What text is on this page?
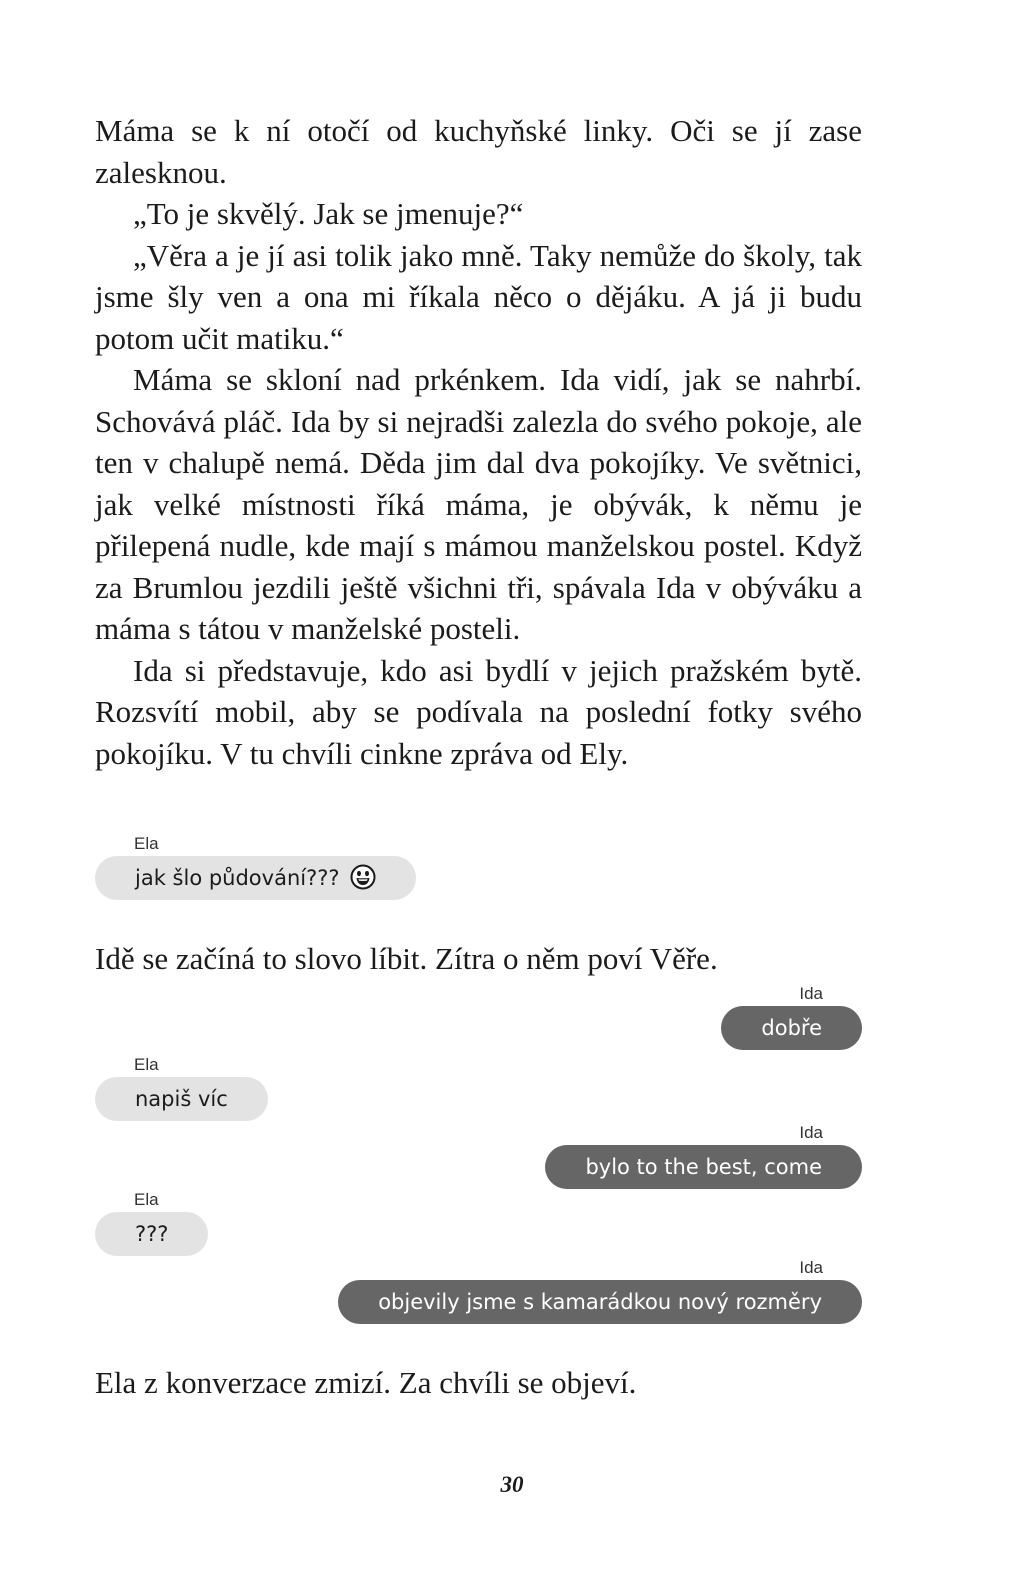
Máma se k ní otočí od kuchyňské linky. Oči se jí zase zalesknou.

„To je skvělý. Jak se jmenuje?“

„Věra a je jí asi tolik jako mně. Taky nemůže do školy, tak jsme šly ven a ona mi říkala něco o dějáku. A já ji budu potom učit matiku.“

Máma se skloní nad prkénkem. Ida vidí, jak se nahrbí. Schovává pláč. Ida by si nejradši zalezla do svého pokoje, ale ten v chalupě nemá. Děda jim dal dva pokojíky. Ve světnici, jak velké místnosti říká máma, je obývák, k němu je přilepená nudle, kde mají s mámou manželskou postel. Když za Brumlou jezdili ještě všichni tři, spávala Ida v obýváku a máma s tátou v manželské posteli.

Ida si představuje, kdo asi bydlí v jejich pražském bytě. Rozsvítí mobil, aby se podívala na poslední fotky svého pokojíku. V tu chvíli cinkne zpráva od Ely.

Ela
jak šlo půdování???

Idě se začíná to slovo líbit. Zítra o něm poví Věře.

Ida
dobře
Ela
napiš víc
Ida
bylo to the best, come
Ela
???
Ida
objevily jsme s kamarádkou nový rozměry

Ela z konverzace zmizí. Za chvíli se objeví.

30
